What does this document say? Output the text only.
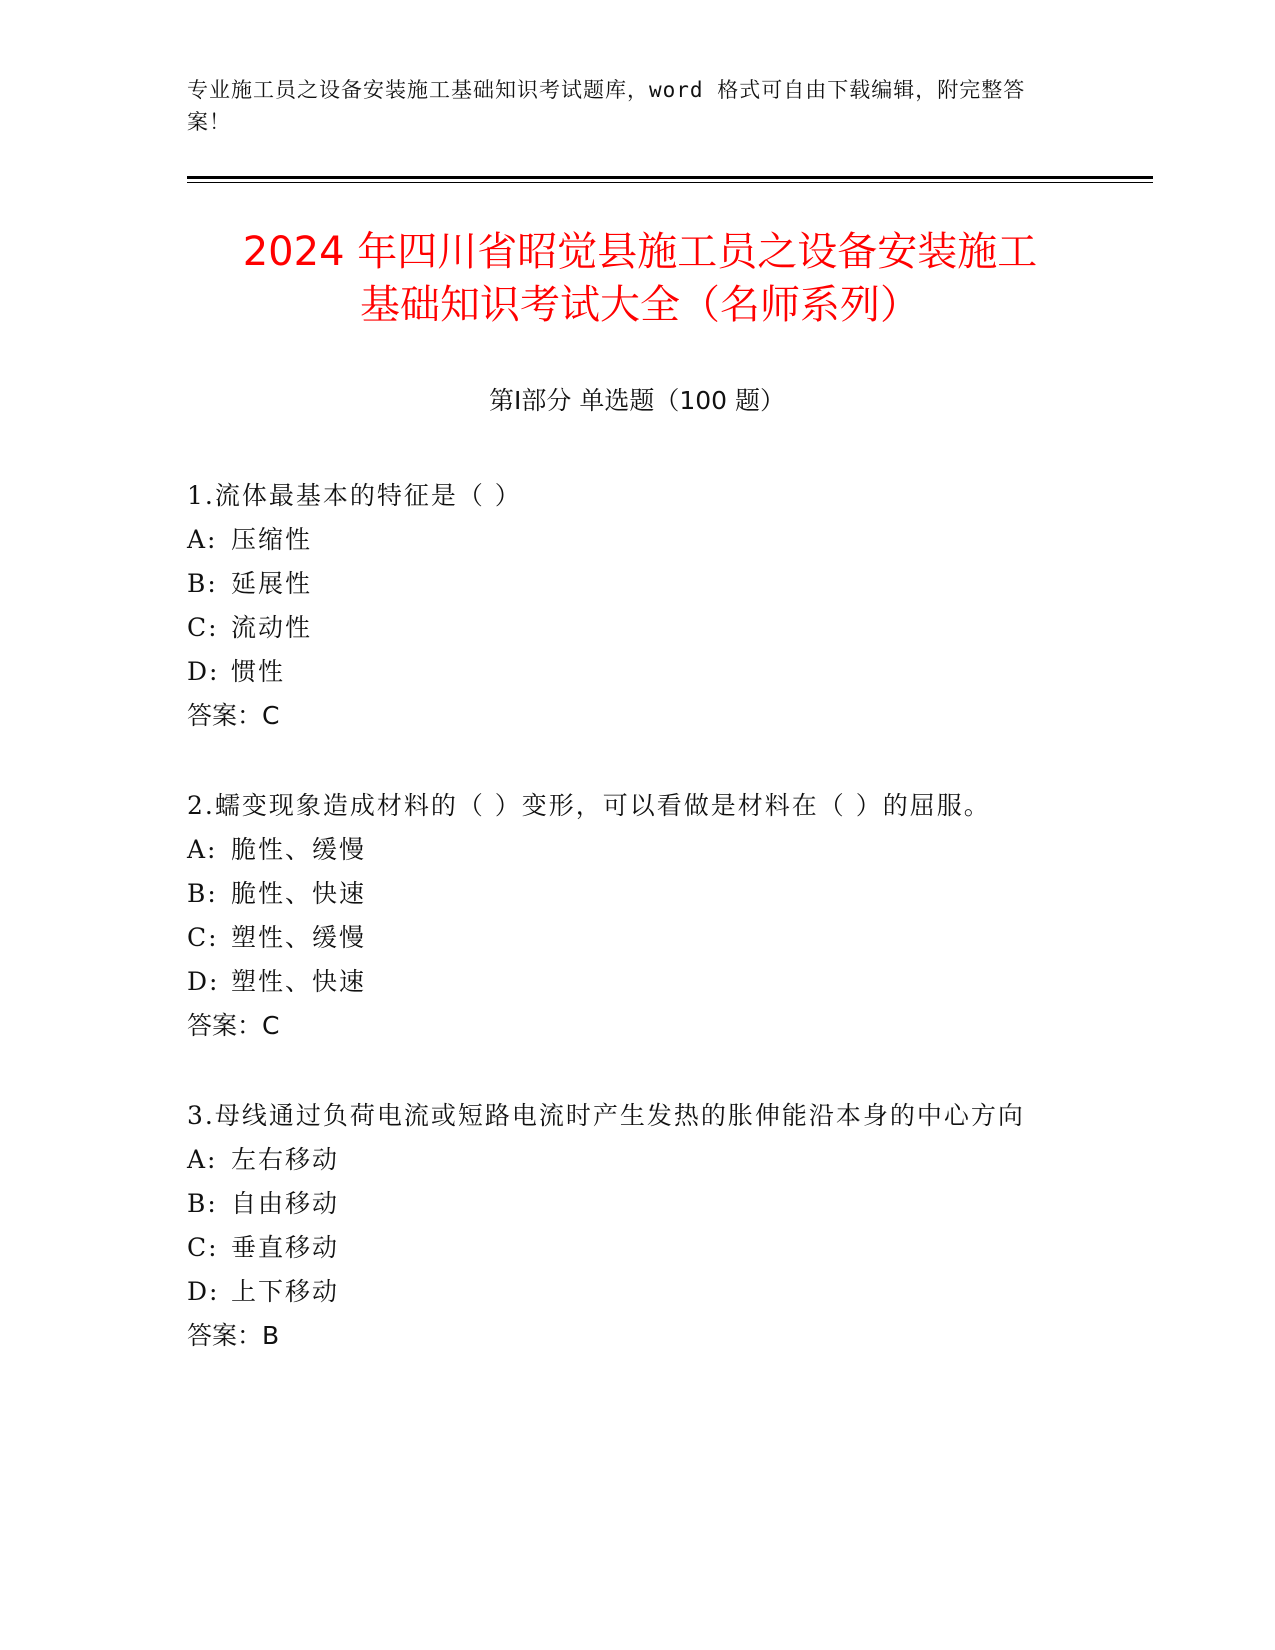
专业施工员之设备安装施工基础知识考试题库，word 格式可自由下载编辑，附完整答案！
2024 年四川省昭觉县施工员之设备安装施工
基础知识考试大全（名师系列）
第Ⅰ部分 单选题（100 题）
1.流体最基本的特征是（ ）
A: 压缩性
B: 延展性
C: 流动性
D: 惯性
答案：C
2.蠕变现象造成材料的（ ）变形，可以看做是材料在（ ）的屈服。
A: 脆性、缓慢
B: 脆性、快速
C: 塑性、缓慢
D: 塑性、快速
答案：C
3.母线通过负荷电流或短路电流时产生发热的胀伸能沿本身的中心方向
A: 左右移动
B: 自由移动
C: 垂直移动
D: 上下移动
答案：B
